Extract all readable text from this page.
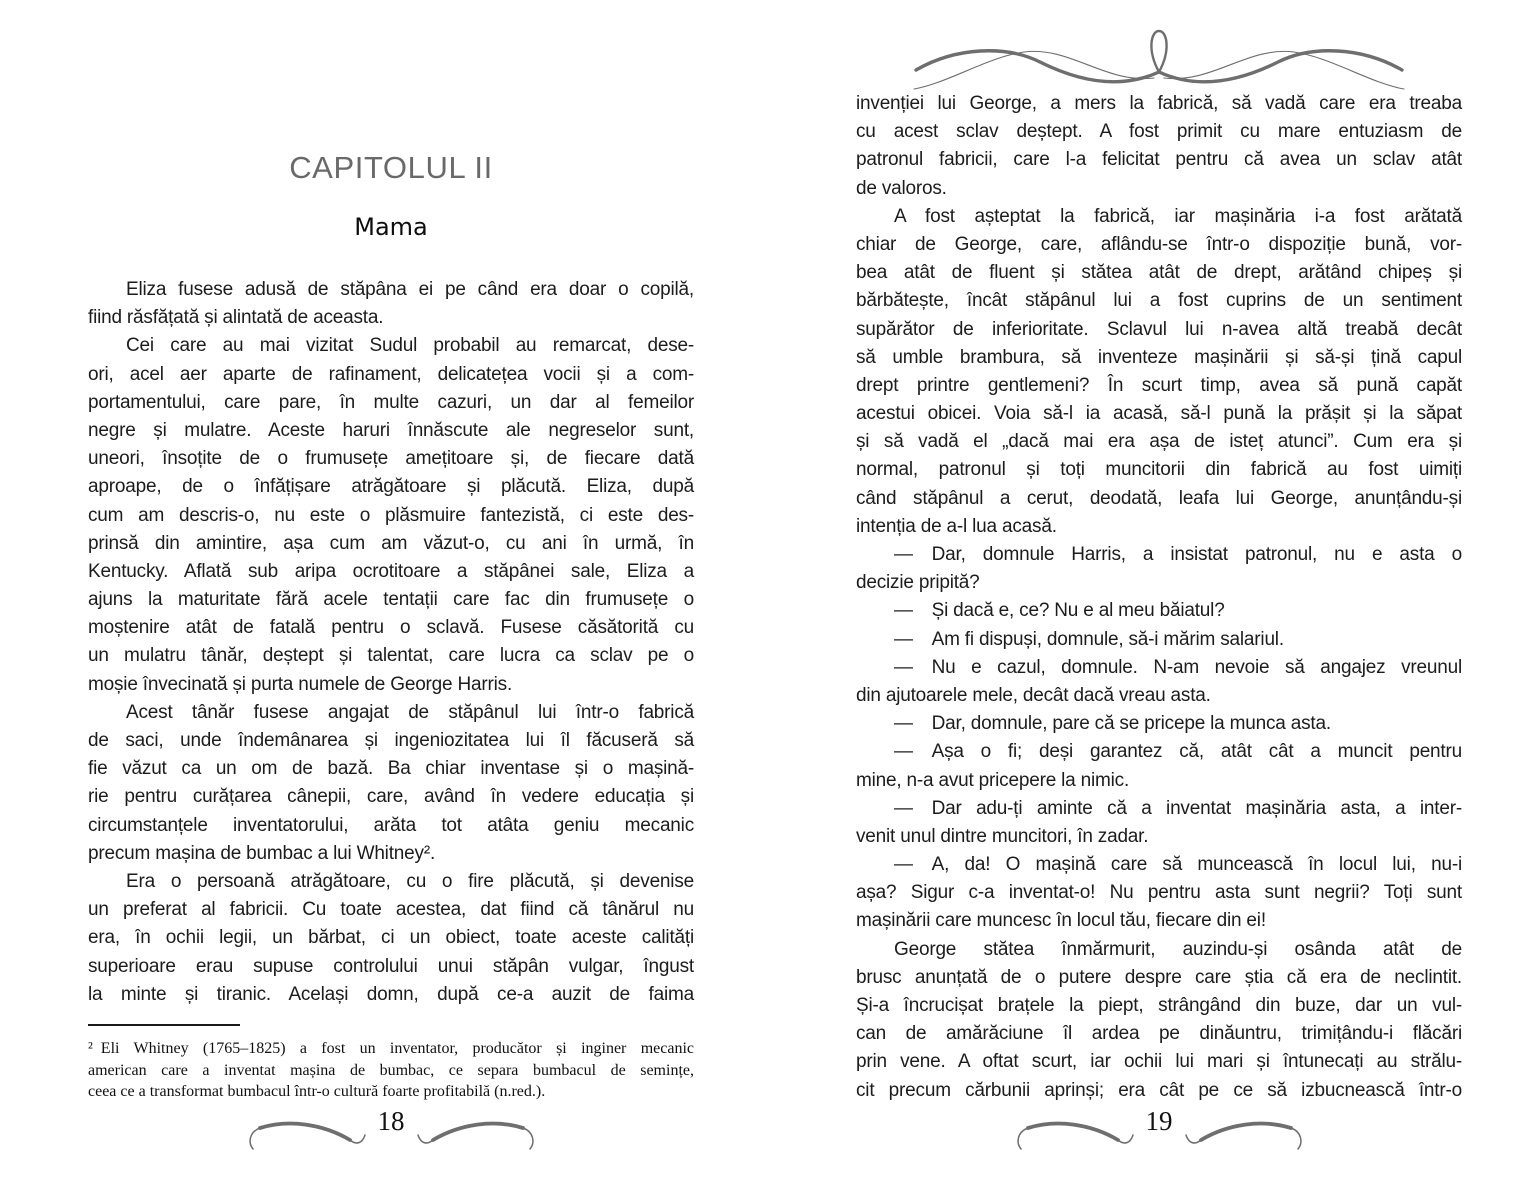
CAPITOLUL II
Mama
Eliza fusese adusă de stăpâna ei pe când era doar o copilă,
fiind răsfățată și alintată de aceasta.
Cei care au mai vizitat Sudul probabil au remarcat, dese-
ori, acel aer aparte de rafinament, delicatețea vocii și a com-
portamentului, care pare, în multe cazuri, un dar al femeilor
negre și mulatre. Aceste haruri înnăscute ale negreselor sunt,
uneori, însoțite de o frumusețe amețitoare și, de fiecare dată
aproape, de o înfățișare atrăgătoare și plăcută. Eliza, după
cum am descris-o, nu este o plăsmuire fantezistă, ci este des-
prinsă din amintire, așa cum am văzut-o, cu ani în urmă, în
Kentucky. Aflată sub aripa ocrotitoare a stăpânei sale, Eliza a
ajuns la maturitate fără acele tentații care fac din frumusețe o
moștenire atât de fatală pentru o sclavă. Fusese căsătorită cu
un mulatru tânăr, deștept și talentat, care lucra ca sclav pe o
moșie învecinată și purta numele de George Harris.
Acest tânăr fusese angajat de stăpânul lui într-o fabrică
de saci, unde îndemânarea și ingeniozitatea lui îl făcuseră să
fie văzut ca un om de bază. Ba chiar inventase și o mașină-
rie pentru curățarea cânepii, care, având în vedere educația și
circumstanțele inventatorului, arăta tot atâta geniu mecanic
precum mașina de bumbac a lui Whitney².
Era o persoană atrăgătoare, cu o fire plăcută, și devenise
un preferat al fabricii. Cu toate acestea, dat fiind că tânărul nu
era, în ochii legii, un bărbat, ci un obiect, toate aceste calități
superioare erau supuse controlului unui stăpân vulgar, îngust
la minte și tiranic. Același domn, după ce-a auzit de faima
² Eli Whitney (1765–1825) a fost un inventator, producător și inginer mecanic
american care a inventat mașina de bumbac, ce separa bumbacul de semințe,
ceea ce a transformat bumbacul într-o cultură foarte profitabilă (n.red.).
18
invenției lui George, a mers la fabrică, să vadă care era treaba
cu acest sclav deștept. A fost primit cu mare entuziasm de
patronul fabricii, care l-a felicitat pentru că avea un sclav atât
de valoros.
A fost așteptat la fabrică, iar mașinăria i-a fost arătată
chiar de George, care, aflându-se într-o dispoziție bună, vor-
bea atât de fluent și stătea atât de drept, arătând chipeș și
bărbătește, încât stăpânul lui a fost cuprins de un sentiment
supărător de inferioritate. Sclavul lui n-avea altă treabă decât
să umble brambura, să inventeze mașinării și să-și țină capul
drept printre gentlemeni? În scurt timp, avea să pună capăt
acestui obicei. Voia să-l ia acasă, să-l pună la prășit și la săpat
și să vadă el „dacă mai era așa de isteț atunci”. Cum era și
normal, patronul și toți muncitorii din fabrică au fost uimiți
când stăpânul a cerut, deodată, leafa lui George, anunțându-și
intenția de a-l lua acasă.
— Dar, domnule Harris, a insistat patronul, nu e asta o
decizie pripită?
— Și dacă e, ce? Nu e al meu băiatul?
— Am fi dispuși, domnule, să-i mărim salariul.
— Nu e cazul, domnule. N-am nevoie să angajez vreunul
din ajutoarele mele, decât dacă vreau asta.
— Dar, domnule, pare că se pricepe la munca asta.
— Așa o fi; deși garantez că, atât cât a muncit pentru
mine, n-a avut pricepere la nimic.
— Dar adu-ți aminte că a inventat mașinăria asta, a inter-
venit unul dintre muncitori, în zadar.
— A, da! O mașină care să muncească în locul lui, nu-i
așa? Sigur c-a inventat-o! Nu pentru asta sunt negrii? Toți sunt
mașinării care muncesc în locul tău, fiecare din ei!
George stătea înmărmurit, auzindu-și osânda atât de
brusc anunțată de o putere despre care știa că era de neclintit.
Și-a încrucișat brațele la piept, strângând din buze, dar un vul-
can de amărăciune îl ardea pe dinăuntru, trimițându-i flăcări
prin vene. A oftat scurt, iar ochii lui mari și întunecați au strălu-
cit precum cărbunii aprinși; era cât pe ce să izbucnească într-o
19
